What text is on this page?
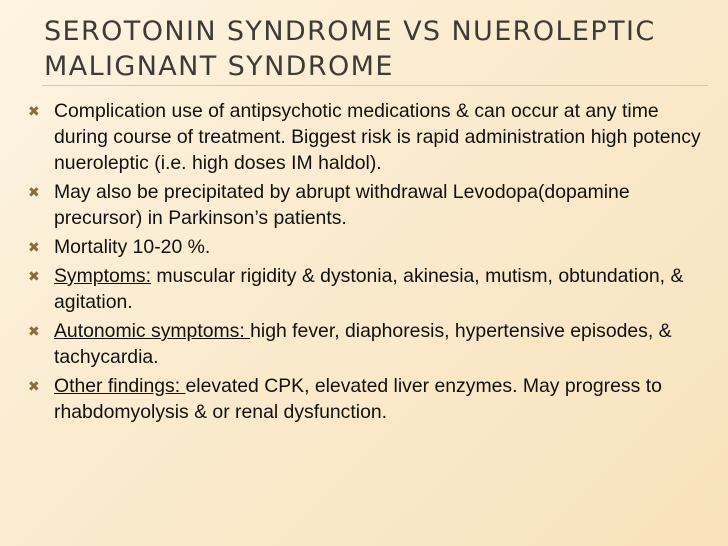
SEROTONIN SYNDROME VS NUEROLEPTIC MALIGNANT SYNDROME
✖ Complication use of antipsychotic medications & can occur at any time during course of treatment. Biggest risk is rapid administration high potency nueroleptic (i.e. high doses IM haldol).
✖ May also be precipitated by abrupt withdrawal Levodopa(dopamine precursor) in Parkinson’s patients.
✖ Mortality 10-20 %.
✖ Symptoms: muscular rigidity & dystonia, akinesia, mutism, obtundation, & agitation.
✖ Autonomic symptoms: high fever, diaphoresis, hypertensive episodes, & tachycardia.
✖ Other findings: elevated CPK, elevated liver enzymes. May progress to rhabdomyolysis & or renal dysfunction.
